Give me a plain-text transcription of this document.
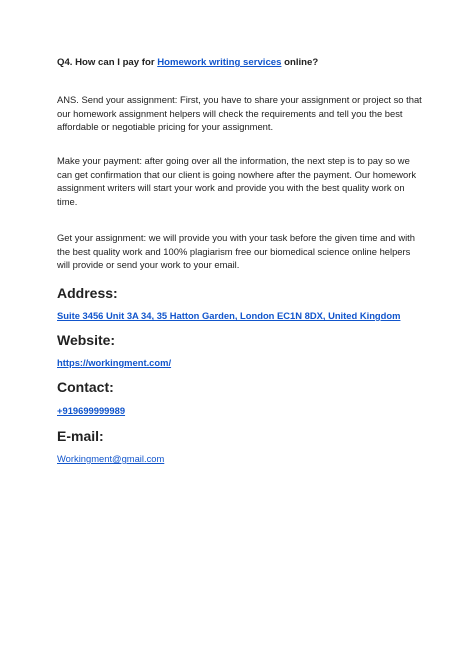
Q4. How can I pay for Homework writing services online?
ANS. Send your assignment: First, you have to share your assignment or project so that our homework assignment helpers will check the requirements and tell you the best affordable or negotiable pricing for your assignment.
Make your payment: after going over all the information, the next step is to pay so we can get confirmation that our client is going nowhere after the payment. Our homework assignment writers will start your work and provide you with the best quality work on time.
Get your assignment: we will provide you with your task before the given time and with the best quality work and 100% plagiarism free our biomedical science online helpers will provide or send your work to your email.
Address:
Suite 3456 Unit 3A 34, 35 Hatton Garden, London EC1N 8DX, United Kingdom
Website:
https://workingment.com/
Contact:
+919699999989
E-mail:
Workingment@gmail.com
